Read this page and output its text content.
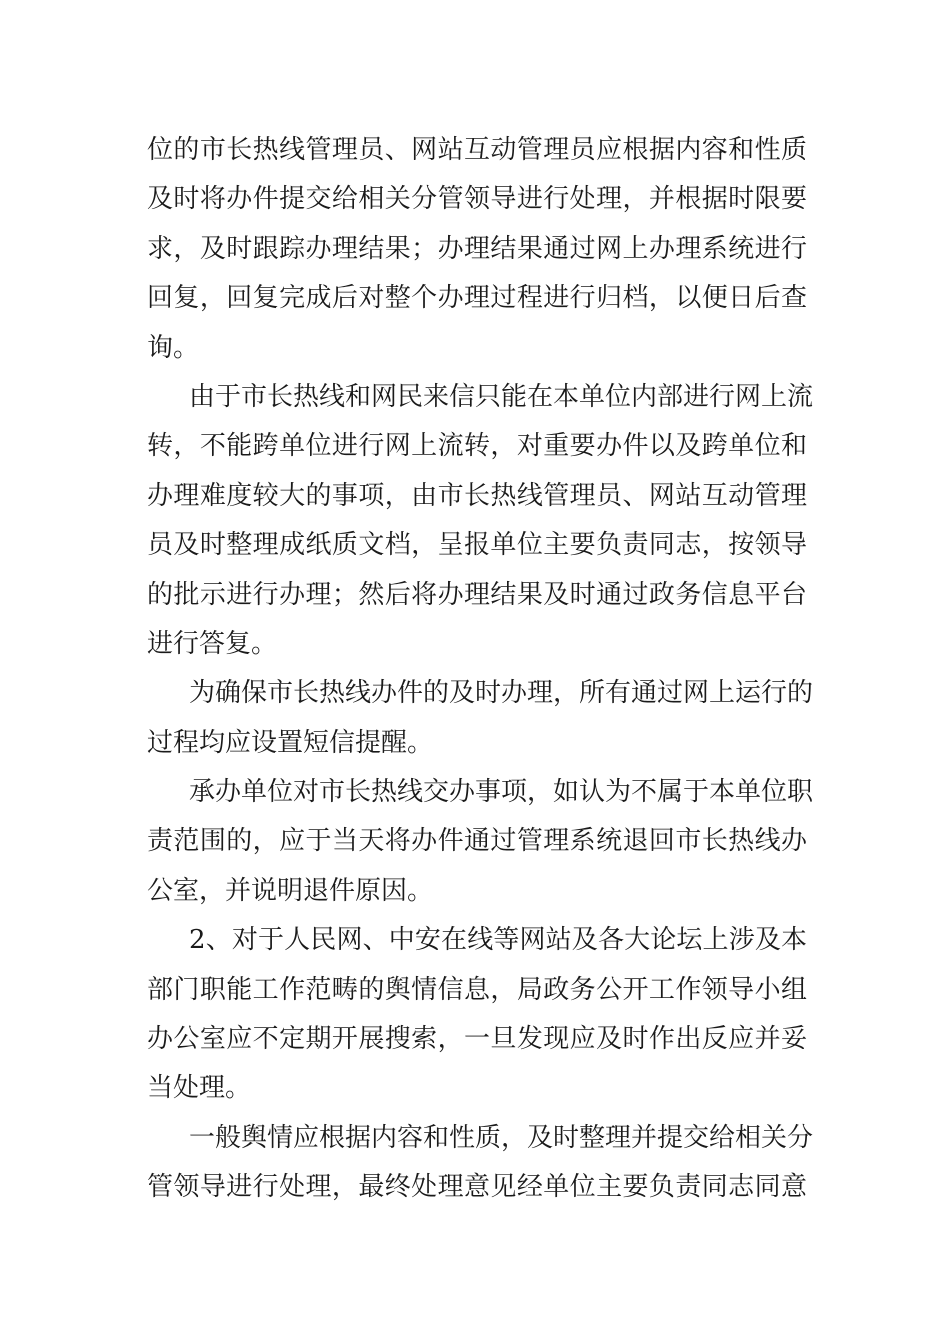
位的市长热线管理员、网站互动管理员应根据内容和性质
及时将办件提交给相关分管领导进行处理，并根据时限要
求，及时跟踪办理结果；办理结果通过网上办理系统进行
回复，回复完成后对整个办理过程进行归档，以便日后查
询。
由于市长热线和网民来信只能在本单位内部进行网上流
转，不能跨单位进行网上流转，对重要办件以及跨单位和
办理难度较大的事项，由市长热线管理员、网站互动管理
员及时整理成纸质文档，呈报单位主要负责同志，按领导
的批示进行办理；然后将办理结果及时通过政务信息平台
进行答复。
为确保市长热线办件的及时办理，所有通过网上运行的
过程均应设置短信提醒。
承办单位对市长热线交办事项，如认为不属于本单位职
责范围的，应于当天将办件通过管理系统退回市长热线办
公室，并说明退件原因。
2、对于人民网、中安在线等网站及各大论坛上涉及本
部门职能工作范畴的舆情信息，局政务公开工作领导小组
办公室应不定期开展搜索，一旦发现应及时作出反应并妥
当处理。
一般舆情应根据内容和性质，及时整理并提交给相关分
管领导进行处理，最终处理意见经单位主要负责同志同意
